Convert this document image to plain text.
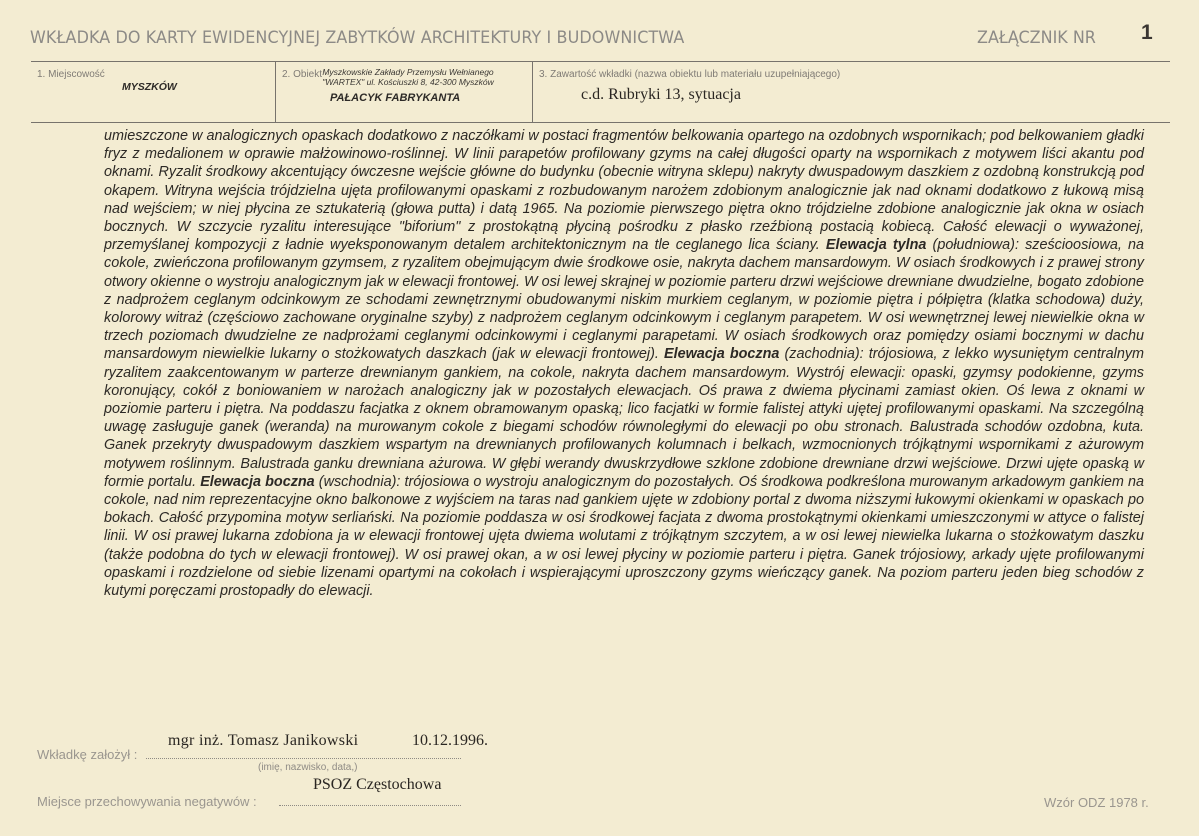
WKŁADKA DO KARTY EWIDENCYJNEJ ZABYTKÓW ARCHITEKTURY I BUDOWNICTWA	ZAŁĄCZNIK NR 1
1. Miejscowość
MYSZKÓW
2. Obiekt Myszkowskie Zakłady Przemysłu Wełnianego
"WARTEX" ul. Kościuszki 8, 42-300 Myszków
PAŁACYK FABRYKANTA
3. Zawartość wkładki (nazwa obiektu lub materiału uzupełniającego)
c.d. Rubryki 13, sytuacja
umieszczone w analogicznych opaskach dodatkowo z naczółkami w postaci fragmentów belkowania opartego na ozdobnych wspornikach; pod belkowaniem gładki fryz z medalionem w oprawie małżowinowo-roślinnej. W linii parapetów profilowany gzyms na całej długości oparty na wspornikach z motywem liści akantu pod oknami. Ryzalit środkowy akcentujący ówczesne wejście główne do budynku (obecnie witryna sklepu) nakryty dwuspadowym daszkiem z ozdobną konstrukcją pod okapem. Witryna wejścia trójdzielna ujęta profilowanymi opaskami z rozbudowanym narożem zdobionym analogicznie jak nad oknami dodatkowo z łukową misą nad wejściem; w niej płycina ze sztukaterią (głowa putta) i datą 1965. Na poziomie pierwszego piętra okno trójdzielne zdobione analogicznie jak okna w osiach bocznych. W szczycie ryzalitu interesujące "biforium" z prostokątną płyciną pośrodku z płasko rzeźbioną postacią kobiecą. Całość elewacji o wyważonej, przemyślanej kompozycji z ładnie wyeksponowanym detalem architektonicznym na tle ceglanego lica ściany. Elewacja tylna (południowa): sześcioosiowa, na cokole, zwieńczona profilowanym gzymsem, z ryzalitem obejmującym dwie środkowe osie, nakryta dachem mansardowym. W osiach środkowych i z prawej strony otwory okienne o wystroju analogicznym jak w elewacji frontowej. W osi lewej skrajnej w poziomie parteru drzwi wejściowe drewniane dwudzielne, bogato zdobione z nadprożem ceglanym odcinkowym ze schodami zewnętrznymi obudowanymi niskim murkiem ceglanym, w poziomie piętra i półpiętra (klatka schodowa) duży, kolorowy witraż (częściowo zachowane oryginalne szyby) z nadprożem ceglanym odcinkowym i ceglanym parapetem. W osi wewnętrznej lewej niewielkie okna w trzech poziomach dwudzielne ze nadprożami ceglanymi odcinkowymi i ceglanymi parapetami. W osiach środkowych oraz pomiędzy osiami bocznymi w dachu mansardowym niewielkie lukarny o stożkowatych daszkach (jak w elewacji frontowej). Elewacja boczna (zachodnia): trójosiowa, z lekko wysuniętym centralnym ryzalitem zaakcentowanym w parterze drewnianym gankiem, na cokole, nakryta dachem mansardowym. Wystrój elewacji: opaski, gzymsy podokienne, gzyms koronujący, cokół z boniowaniem w narożach analogiczny jak w pozostałych elewacjach. Oś prawa z dwiema płycinami zamiast okien. Oś lewa z oknami w poziomie parteru i piętra. Na poddaszu facjatka z oknem obramowanym opaską; lico facjatki w formie falistej attyki ujętej profilowanymi opaskami. Na szczególną uwagę zasługuje ganek (weranda) na murowanym cokole z biegami schodów równoległymi do elewacji po obu stronach. Balustrada schodów ozdobna, kuta. Ganek przekryty dwuspadowym daszkiem wspartym na drewnianych profilowanych kolumnach i belkach, wzmocnionych trójkątnymi wspornikami z ażurowym motywem roślinnym. Balustrada ganku drewniana ażurowa. W głębi werandy dwuskrzydłowe szklone zdobione drewniane drzwi wejściowe. Drzwi ujęte opaską w formie portalu. Elewacja boczna (wschodnia): trójosiowa o wystroju analogicznym do pozostałych. Oś środkowa podkreślona murowanym arkadowym gankiem na cokole, nad nim reprezentacyjne okno balkonowe z wyjściem na taras nad gankiem ujęte w zdobiony portal z dwoma niższymi łukowymi okienkami w opaskach po bokach. Całość przypomina motyw serliański. Na poziomie poddasza w osi środkowej facjata z dwoma prostokątnymi okienkami umieszczonymi w attyce o falistej linii. W osi prawej lukarna zdobiona ja w elewacji frontowej ujęta dwiema wolutami z trójkątnym szczytem, a w osi lewej niewielka lukarna o stożkowatym daszku (także podobna do tych w elewacji frontowej). W osi prawej okan, a w osi lewej płyciny w poziomie parteru i piętra. Ganek trójosiowy, arkady ujęte profilowanymi opaskami i rozdzielone od siebie lizenami opartymi na cokołach i wspierającymi uproszczony gzyms wieńczący ganek. Na poziom parteru jeden bieg schodów z kutymi poręczami prostopadły do elewacji.
mgr inż. Tomasz Janikowski	10.12.1996.
Wkładkę założył :
(imię, nazwisko, data,)
PSOZ Częstochowa
Miejsce przechowywania negatywów :	Wzór ODZ 1978 r.
